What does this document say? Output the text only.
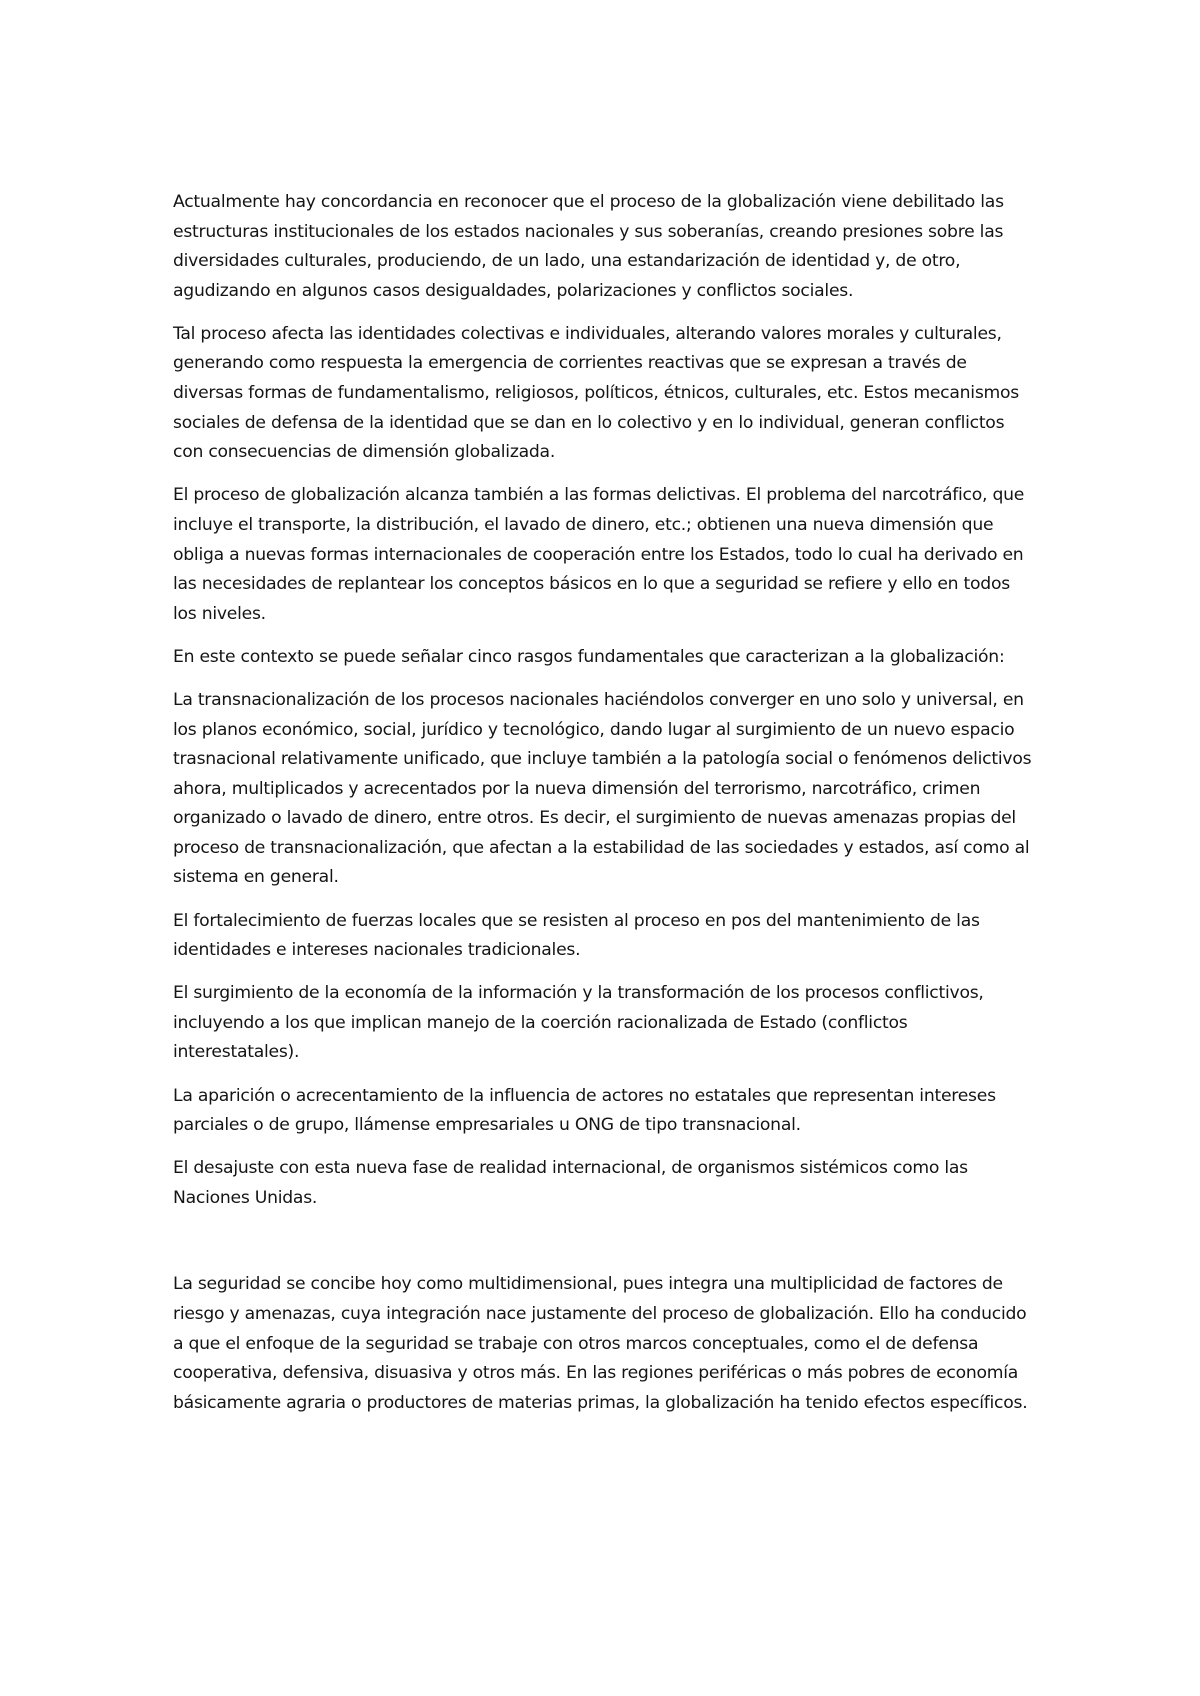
Actualmente hay concordancia en reconocer que el proceso de la globalización viene debilitado las estructuras institucionales de los estados nacionales y sus soberanías, creando presiones sobre las diversidades culturales, produciendo, de un lado, una estandarización de identidad y, de otro, agudizando en algunos casos desigualdades, polarizaciones y conflictos sociales.

Tal proceso afecta las identidades colectivas e individuales, alterando valores morales y culturales, generando como respuesta la emergencia de corrientes reactivas que se expresan a través de diversas formas de fundamentalismo, religiosos, políticos, étnicos, culturales, etc. Estos mecanismos sociales de defensa de la identidad que se dan en lo colectivo y en lo individual, generan conflictos con consecuencias de dimensión globalizada.

El proceso de globalización alcanza también a las formas delictivas. El problema del narcotráfico, que incluye el transporte, la distribución, el lavado de dinero, etc.; obtienen una nueva dimensión que obliga a nuevas formas internacionales de cooperación entre los Estados, todo lo cual ha derivado en las necesidades de replantear los conceptos básicos en lo que a seguridad se refiere y ello en todos los niveles.

En este contexto se puede señalar cinco rasgos fundamentales que caracterizan a la globalización:

La transnacionalización de los procesos nacionales haciéndolos converger en uno solo y universal, en los planos económico, social, jurídico y tecnológico, dando lugar al surgimiento de un nuevo espacio trasnacional relativamente unificado, que incluye también a la patología social o fenómenos delictivos ahora, multiplicados y acrecentados por la nueva dimensión del terrorismo, narcotráfico, crimen organizado o lavado de dinero, entre otros. Es decir, el surgimiento de nuevas amenazas propias del proceso de transnacionalización, que afectan a la estabilidad de las sociedades y estados, así como al sistema en general.

El fortalecimiento de fuerzas locales que se resisten al proceso en pos del mantenimiento de las identidades e intereses nacionales tradicionales.

El surgimiento de la economía de la información y la transformación de los procesos conflictivos, incluyendo a los que implican manejo de la coerción racionalizada de Estado (conflictos interestatales).

La aparición o acrecentamiento de la influencia de actores no estatales que representan intereses parciales o de grupo, llámense empresariales u ONG de tipo transnacional.

El desajuste con esta nueva fase de realidad internacional, de organismos sistémicos como las Naciones Unidas.

La seguridad se concibe hoy como multidimensional, pues integra una multiplicidad de factores de riesgo y amenazas, cuya integración nace justamente del proceso de globalización. Ello ha conducido a que el enfoque de la seguridad se trabaje con otros marcos conceptuales, como el de defensa cooperativa, defensiva, disuasiva y otros más. En las regiones periféricas o más pobres de economía básicamente agraria o productores de materias primas, la globalización ha tenido efectos específicos.
